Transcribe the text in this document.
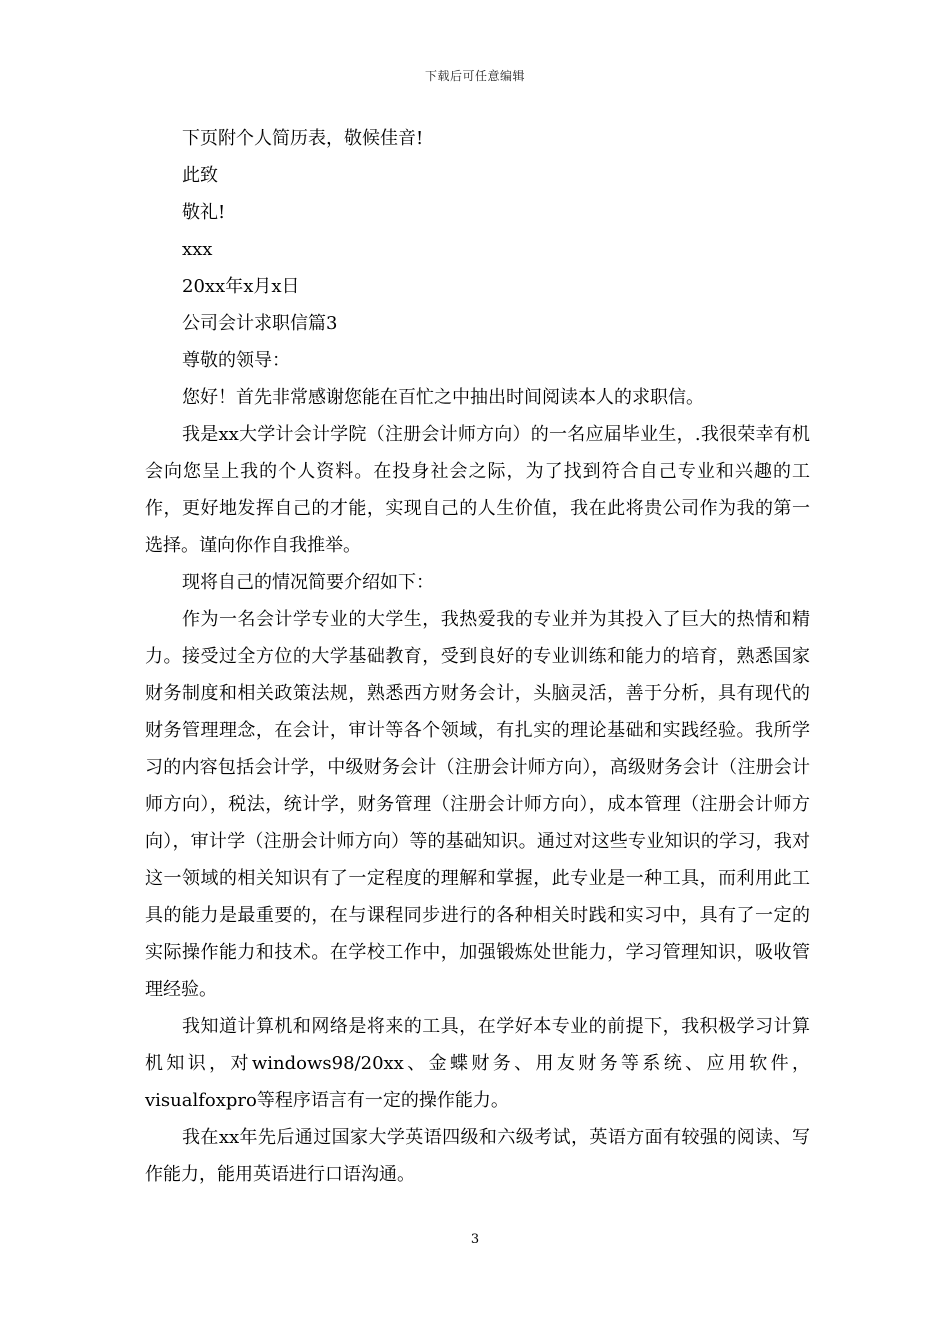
下载后可任意编辑

下页附个人简历表，敬候佳音!

此致

敬礼!

xxx

20xx年x月x日

公司会计求职信篇3

尊敬的领导：

您好！首先非常感谢您能在百忙之中抽出时间阅读本人的求职信。

我是xx大学计会计学院（注册会计师方向）的一名应届毕业生，.我很荣幸有机会向您呈上我的个人资料。在投身社会之际，为了找到符合自己专业和兴趣的工作，更好地发挥自己的才能，实现自己的人生价值，我在此将贵公司作为我的第一选择。谨向你作自我推举。

现将自己的情况简要介绍如下：

作为一名会计学专业的大学生，我热爱我的专业并为其投入了巨大的热情和精力。接受过全方位的大学基础教育，受到良好的专业训练和能力的培育，熟悉国家财务制度和相关政策法规，熟悉西方财务会计，头脑灵活，善于分析，具有现代的财务管理理念，在会计，审计等各个领域，有扎实的理论基础和实践经验。我所学习的内容包括会计学，中级财务会计（注册会计师方向），高级财务会计（注册会计师方向），税法，统计学，财务管理（注册会计师方向），成本管理（注册会计师方向），审计学（注册会计师方向）等的基础知识。通过对这些专业知识的学习，我对这一领域的相关知识有了一定程度的理解和掌握，此专业是一种工具，而利用此工具的能力是最重要的，在与课程同步进行的各种相关时践和实习中，具有了一定的实际操作能力和技术。在学校工作中，加强锻炼处世能力，学习管理知识，吸收管理经验。

我知道计算机和网络是将来的工具，在学好本专业的前提下，我积极学习计算机知识，对windows98/20xx、金蝶财务、用友财务等系统、应用软件，visualfoxpro等程序语言有一定的操作能力。

我在xx年先后通过国家大学英语四级和六级考试，英语方面有较强的阅读、写作能力，能用英语进行口语沟通。

3
